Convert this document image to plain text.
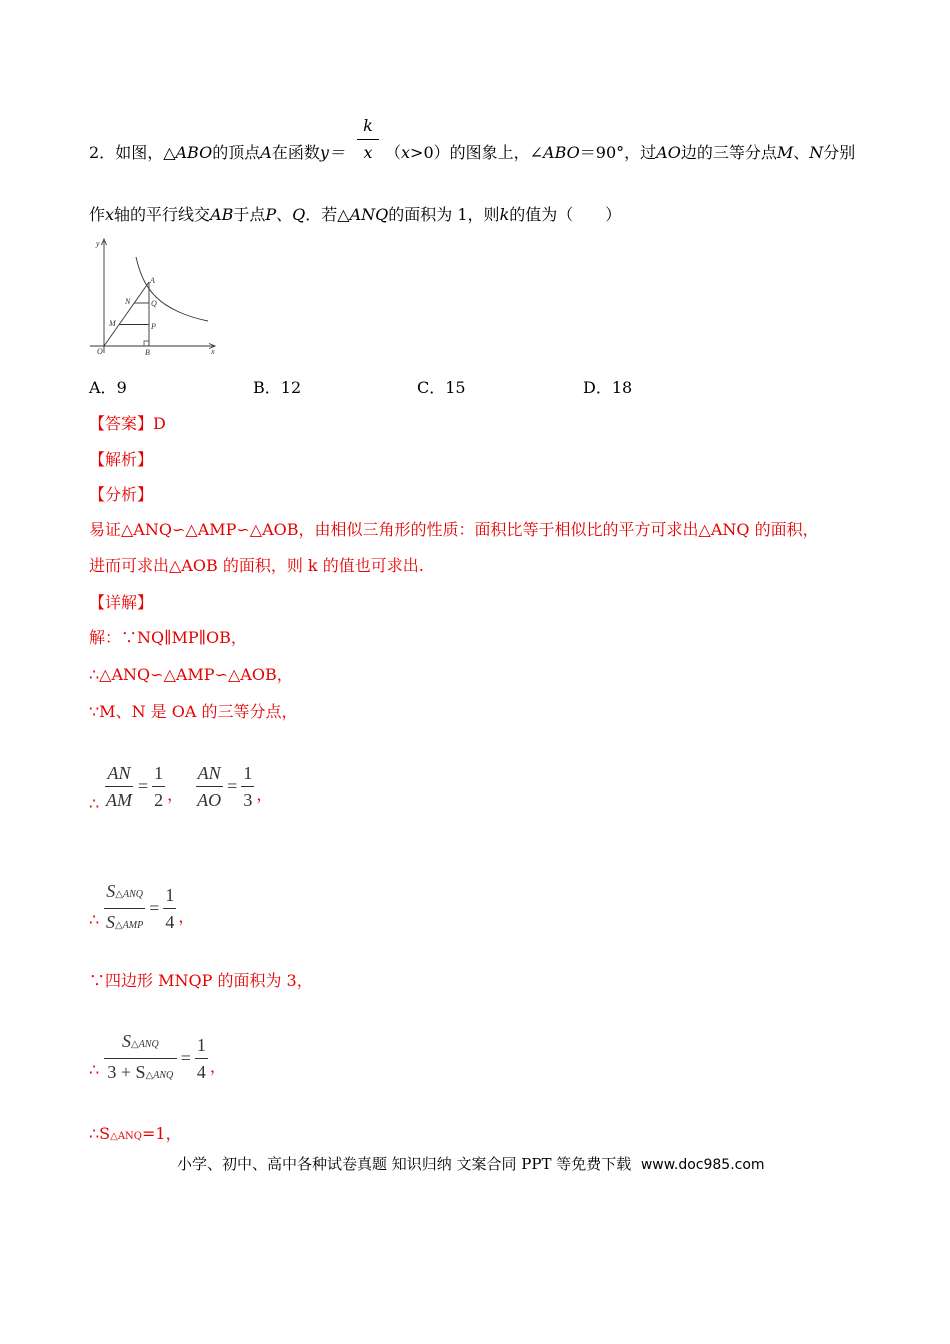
2．如图，△ABO的顶点A在函数y＝
k
x （x>0）的图象上，∠ABO＝90°，过AO边的三等分点M、N分别
作x轴的平行线交AB于点P、Q．若△ANQ的面积为 1，则k的值为（　　）
y
x
O
A
B
N	Q
M	P
A．9	B．12	C．15	D．18
【答案】D
【解析】
【分析】
易证△ANQ∽△AMP∽△AOB，由相似三角形的性质：面积比等于相似比的平方可求出△ANQ 的面积，
进而可求出△AOB 的面积，则 k 的值也可求出.
【详解】
解：∵NQ∥MP∥OB，
∴△ANQ∽△AMP∽△AOB，
∵M、N 是 OA 的三等分点，
∴ $\frac{AN}{AM} = \frac{1}{2}$ ， $\frac{AN}{AO} = \frac{1}{3}$ ，
∴ $\frac{\text{S△ANQ}}{\text{S△AMP}} = \frac{1}{4}$ ，
∵四边形 MNQP 的面积为 3，
∴ $\frac{\text{S△ANQ}}{\text{3 + S△ANQ}} = \frac{1}{4}$ ，
∴S△ANQ=1，
小学、初中、高中各种试卷真题 知识归纳 文案合同 PPT 等免费下载 www.doc985.com
